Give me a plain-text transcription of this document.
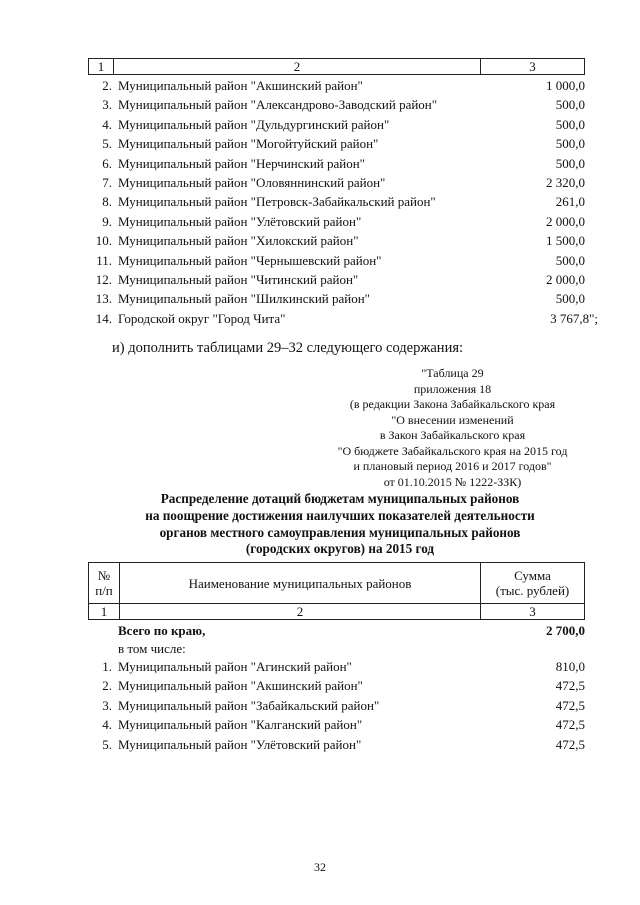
1	2	3
2. Муниципальный район "Акшинский район"	1 000,0
3. Муниципальный район "Александрово-Заводский район"	500,0
4. Муниципальный район "Дульдургинский район"	500,0
5. Муниципальный район "Могойтуйский район"	500,0
6. Муниципальный район "Нерчинский район"	500,0
7. Муниципальный район "Оловяннинский район"	2 320,0
8. Муниципальный район "Петровск-Забайкальский район"	261,0
9. Муниципальный район "Улётовский район"	2 000,0
10. Муниципальный район "Хилокский район"	1 500,0
11. Муниципальный район "Чернышевский район"	500,0
12. Муниципальный район "Читинский район"	2 000,0
13. Муниципальный район "Шилкинский район"	500,0
14. Городской округ "Город Чита"	3 767,8";
и) дополнить таблицами 29–32 следующего содержания:
"Таблица 29
приложения 18
(в редакции Закона Забайкальского края
"О внесении изменений
в Закон Забайкальского края
"О бюджете Забайкальского края на 2015 год
и плановый период 2016 и 2017 годов"
от 01.10.2015 № 1222-ЗЗК)
Распределение дотаций бюджетам муниципальных районов
на поощрение достижения наилучших показателей деятельности
органов местного самоуправления муниципальных районов
(городских округов) на 2015 год
№
п/п	Наименование муниципальных районов	Сумма
(тыс. рублей)
1	2	3
Всего по краю,	2 700,0
в том числе:
1. Муниципальный район "Агинский район"	810,0
2. Муниципальный район "Акшинский район"	472,5
3. Муниципальный район "Забайкальский район"	472,5
4. Муниципальный район "Калганский район"	472,5
5. Муниципальный район "Улётовский район"	472,5
32
